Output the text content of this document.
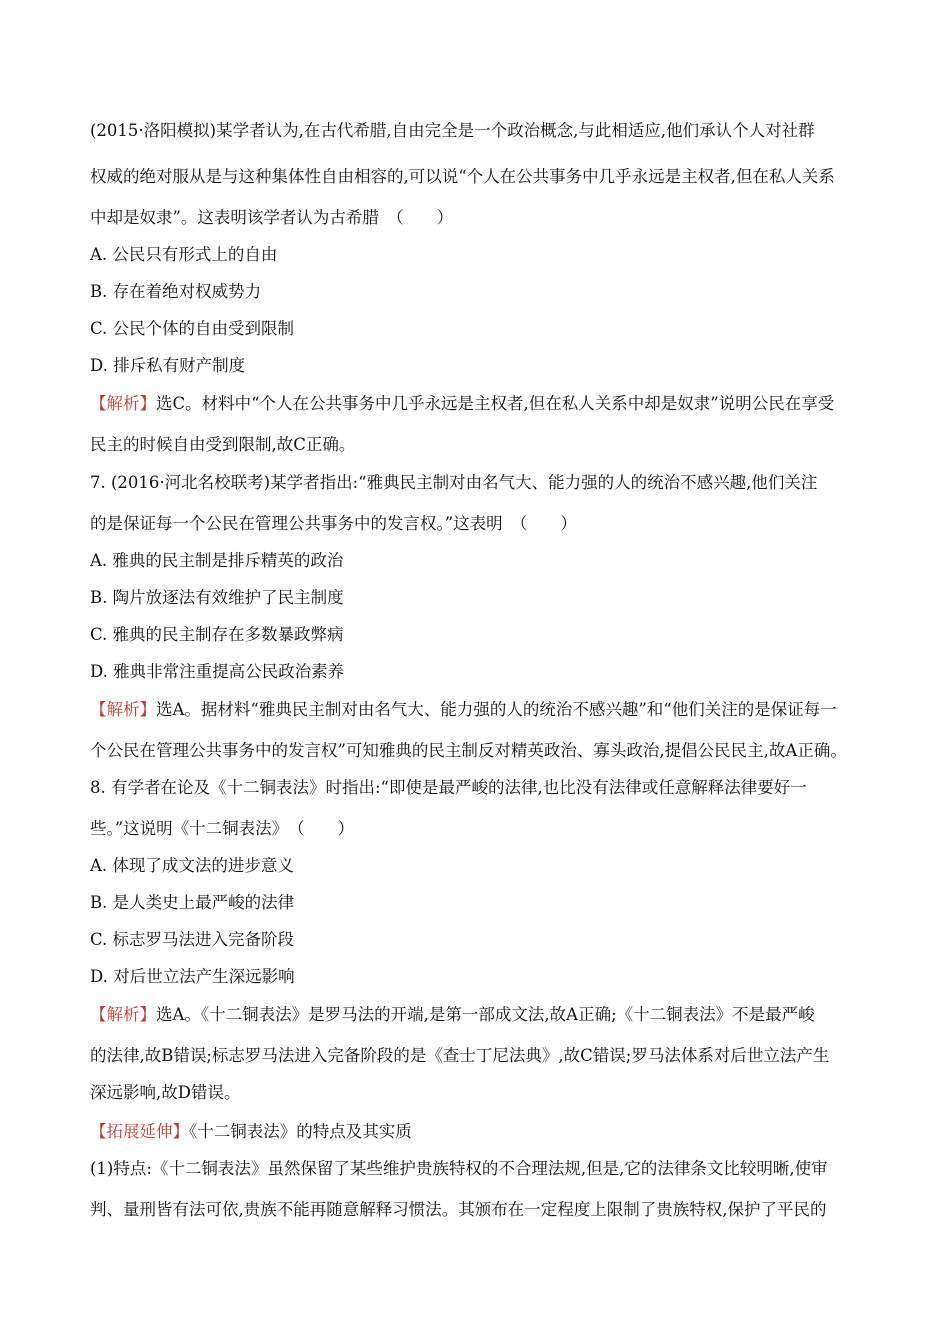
(2015·洛阳模拟)某学者认为,在古代希腊,自由完全是一个政治概念,与此相适应,他们承认个人对社群
权威的绝对服从是与这种集体性自由相容的,可以说“个人在公共事务中几乎永远是主权者,但在私人关系
中却是奴隶”。这表明该学者认为古希腊　（　　）
A. 公民只有形式上的自由
B. 存在着绝对权威势力
C. 公民个体的自由受到限制
D. 排斥私有财产制度
【解析】选C。材料中“个人在公共事务中几乎永远是主权者,但在私人关系中却是奴隶”说明公民在享受
民主的时候自由受到限制,故C正确。
7. (2016·河北名校联考)某学者指出:“雅典民主制对由名气大、能力强的人的统治不感兴趣,他们关注
的是保证每一个公民在管理公共事务中的发言权。”这表明　（　　）
A. 雅典的民主制是排斥精英的政治
B. 陶片放逐法有效维护了民主制度
C. 雅典的民主制存在多数暴政弊病
D. 雅典非常注重提高公民政治素养
【解析】选A。据材料“雅典民主制对由名气大、能力强的人的统治不感兴趣”和“他们关注的是保证每一
个公民在管理公共事务中的发言权”可知雅典的民主制反对精英政治、寡头政治,提倡公民民主,故A正确。
8. 有学者在论及《十二铜表法》时指出:“即使是最严峻的法律,也比没有法律或任意解释法律要好一
些。”这说明《十二铜表法》　（　　）
A. 体现了成文法的进步意义
B. 是人类史上最严峻的法律
C. 标志罗马法进入完备阶段
D. 对后世立法产生深远影响
【解析】选A。《十二铜表法》是罗马法的开端,是第一部成文法,故A正确;《十二铜表法》不是最严峻
的法律,故B错误;标志罗马法进入完备阶段的是《查士丁尼法典》,故C错误;罗马法体系对后世立法产生
深远影响,故D错误。
【拓展延伸】《十二铜表法》的特点及其实质
(1)特点:《十二铜表法》虽然保留了某些维护贵族特权的不合理法规,但是,它的法律条文比较明晰,使审
判、量刑皆有法可依,贵族不能再随意解释习惯法。其颁布在一定程度上限制了贵族特权,保护了平民的
